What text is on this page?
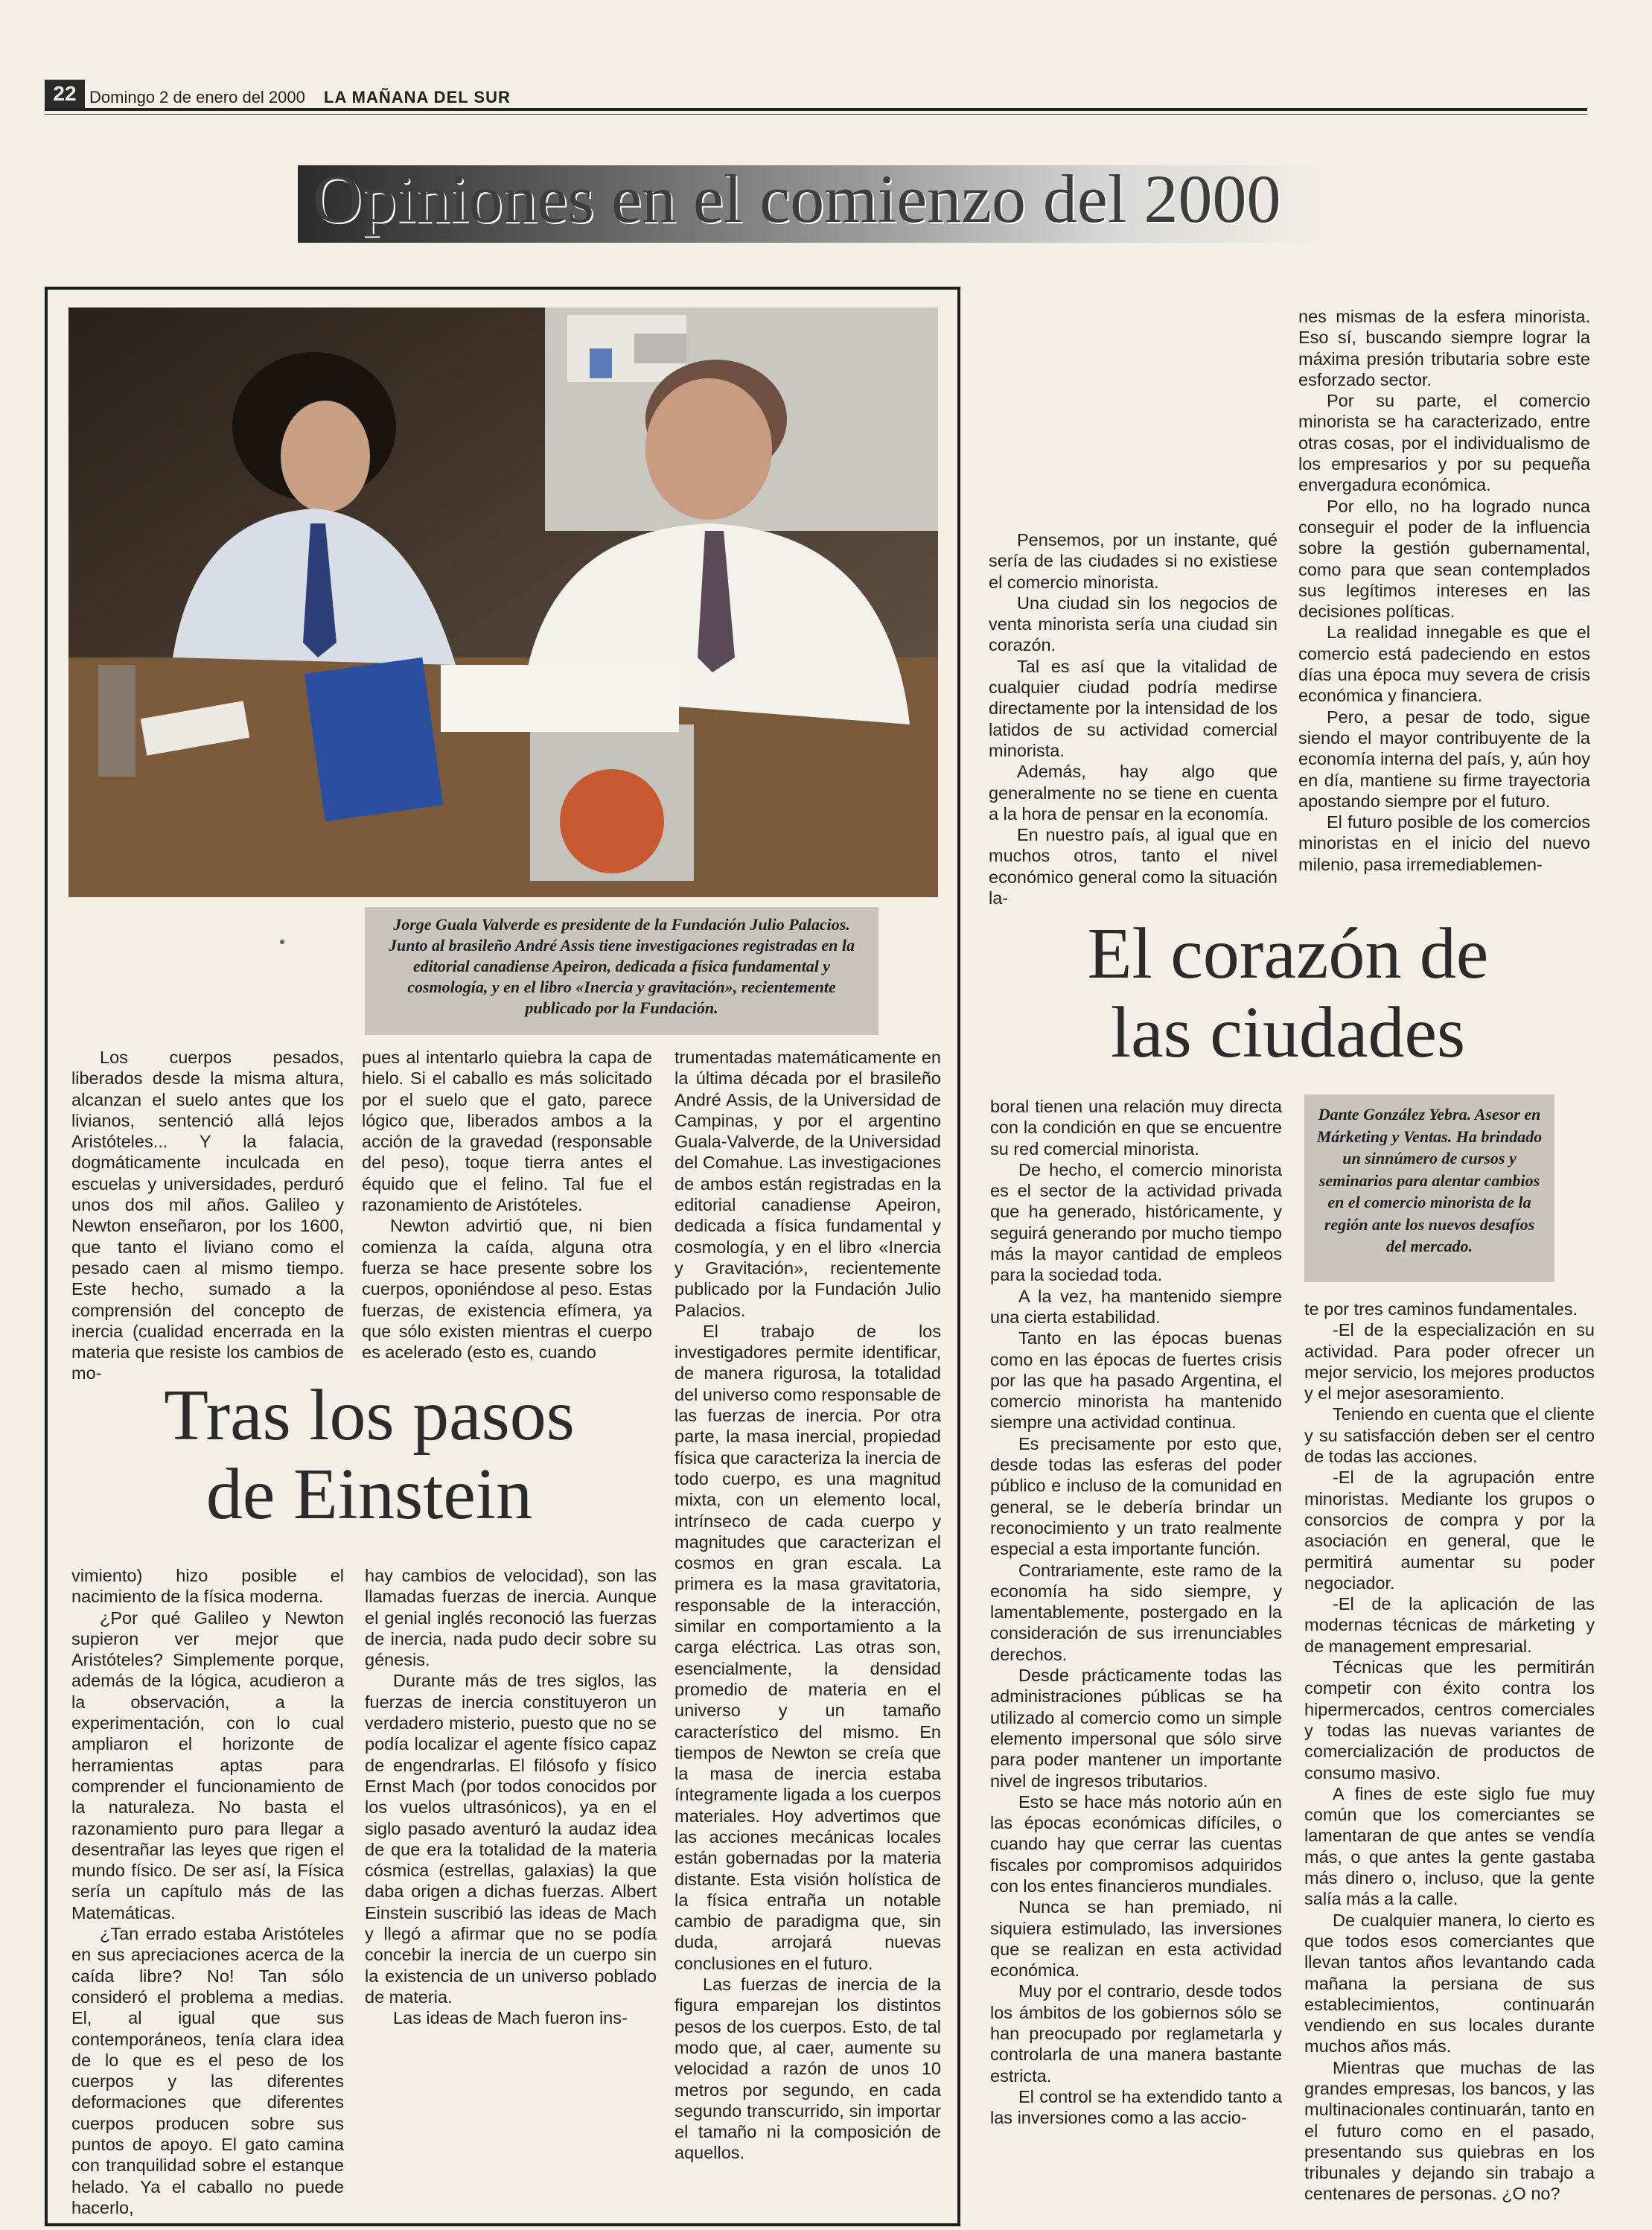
22 Domingo 2 de enero del 2000 LA MAÑANA DEL SUR
Opiniones en el comienzo del 2000
Jorge Guala Valverde es presidente de la Fundación Julio Palacios. Junto al brasileño André Assis tiene investigaciones registradas en la editorial canadiense Apeiron, dedicada a física fundamental y cosmología, y en el libro «Inercia y gravitación», recientemente publicado por la Fundación.

Los cuerpos pesados, liberados desde la misma altura, alcanzan el suelo antes que los livianos, sentenció allá lejos Aristóteles... Y la falacia, dogmáticamente inculcada en escuelas y universidades, perduró unos dos mil años. Galileo y Newton enseñaron, por los 1600, que tanto el liviano como el pesado caen al mismo tiempo. Este hecho, sumado a la comprensión del concepto de inercia (cualidad encerrada en la materia que resiste los cambios de mo-

pues al intentarlo quiebra la capa de hielo. Si el caballo es más solicitado por el suelo que el gato, parece lógico que, liberados ambos a la acción de la gravedad (responsable del peso), toque tierra antes el équido que el felino. Tal fue el razonamiento de Aristóteles.

Newton advirtió que, ni bien comienza la caída, alguna otra fuerza se hace presente sobre los cuerpos, oponiéndose al peso. Estas fuerzas, de existencia efímera, ya que sólo existen mientras el cuerpo es acelerado (esto es, cuando

Tras los pasos
de Einstein

vimiento) hizo posible el nacimiento de la física moderna.

¿Por qué Galileo y Newton supieron ver mejor que Aristóteles? Simplemente porque, además de la lógica, acudieron a la observación, a la experimentación, con lo cual ampliaron el horizonte de herramientas aptas para comprender el funcionamiento de la naturaleza. No basta el razonamiento puro para llegar a desentrañar las leyes que rigen el mundo físico. De ser así, la Física sería un capítulo más de las Matemáticas.

¿Tan errado estaba Aristóteles en sus apreciaciones acerca de la caída libre? No! Tan sólo consideró el problema a medias. El, al igual que sus contemporáneos, tenía clara idea de lo que es el peso de los cuerpos y las diferentes deformaciones que diferentes cuerpos producen sobre sus puntos de apoyo. El gato camina con tranquilidad sobre el estanque helado. Ya el caballo no puede hacerlo,

hay cambios de velocidad), son las llamadas fuerzas de inercia. Aunque el genial inglés reconoció las fuerzas de inercia, nada pudo decir sobre su génesis.

Durante más de tres siglos, las fuerzas de inercia constituyeron un verdadero misterio, puesto que no se podía localizar el agente físico capaz de engendrarlas. El filósofo y físico Ernst Mach (por todos conocidos por los vuelos ultrasónicos), ya en el siglo pasado aventuró la audaz idea de que era la totalidad de la materia cósmica (estrellas, galaxias) la que daba origen a dichas fuerzas. Albert Einstein suscribió las ideas de Mach y llegó a afirmar que no se podía concebir la inercia de un cuerpo sin la existencia de un universo poblado de materia.

Las ideas de Mach fueron ins-

trumentadas matemáticamente en la última década por el brasileño André Assis, de la Universidad de Campinas, y por el argentino Guala-Valverde, de la Universidad del Comahue. Las investigaciones de ambos están registradas en la editorial canadiense Apeiron, dedicada a física fundamental y cosmología, y en el libro «Inercia y Gravitación», recientemente publicado por la Fundación Julio Palacios.

El trabajo de los investigadores permite identificar, de manera rigurosa, la totalidad del universo como responsable de las fuerzas de inercia. Por otra parte, la masa inercial, propiedad física que caracteriza la inercia de todo cuerpo, es una magnitud mixta, con un elemento local, intrínseco de cada cuerpo y magnitudes que caracterizan el cosmos en gran escala. La primera es la masa gravitatoria, responsable de la interacción, similar en comportamiento a la carga eléctrica. Las otras son, esencialmente, la densidad promedio de materia en el universo y un tamaño característico del mismo. En tiempos de Newton se creía que la masa de inercia estaba íntegramente ligada a los cuerpos materiales. Hoy advertimos que las acciones mecánicas locales están gobernadas por la materia distante. Esta visión holística de la física entraña un notable cambio de paradigma que, sin duda, arrojará nuevas conclusiones en el futuro.

Las fuerzas de inercia de la figura emparejan los distintos pesos de los cuerpos. Esto, de tal modo que, al caer, aumente su velocidad a razón de unos 10 metros por segundo, en cada segundo transcurrido, sin importar el tamaño ni la composición de aquellos.

Pensemos, por un instante, qué sería de las ciudades si no existiese el comercio minorista.

Una ciudad sin los negocios de venta minorista sería una ciudad sin corazón.

Tal es así que la vitalidad de cualquier ciudad podría medirse directamente por la intensidad de los latidos de su actividad comercial minorista.

Además, hay algo que generalmente no se tiene en cuenta a la hora de pensar en la economía.

En nuestro país, al igual que en muchos otros, tanto el nivel económico general como la situación la-

nes mismas de la esfera minorista. Eso sí, buscando siempre lograr la máxima presión tributaria sobre este esforzado sector.

Por su parte, el comercio minorista se ha caracterizado, entre otras cosas, por el individualismo de los empresarios y por su pequeña envergadura económica.

Por ello, no ha logrado nunca conseguir el poder de la influencia sobre la gestión gubernamental, como para que sean contemplados sus legítimos intereses en las decisiones políticas.

La realidad innegable es que el comercio está padeciendo en estos días una época muy severa de crisis económica y financiera.

Pero, a pesar de todo, sigue siendo el mayor contribuyente de la economía interna del país, y, aún hoy en día, mantiene su firme trayectoria apostando siempre por el futuro.

El futuro posible de los comercios minoristas en el inicio del nuevo milenio, pasa irremediablemen-

El corazón de
las ciudades

boral tienen una relación muy directa con la condición en que se encuentre su red comercial minorista.

De hecho, el comercio minorista es el sector de la actividad privada que ha generado, históricamente, y seguirá generando por mucho tiempo más la mayor cantidad de empleos para la sociedad toda.

A la vez, ha mantenido siempre una cierta estabilidad.

Tanto en las épocas buenas como en las épocas de fuertes crisis por las que ha pasado Argentina, el comercio minorista ha mantenido siempre una actividad continua.

Es precisamente por esto que, desde todas las esferas del poder público e incluso de la comunidad en general, se le debería brindar un reconocimiento y un trato realmente especial a esta importante función.

Contrariamente, este ramo de la economía ha sido siempre, y lamentablemente, postergado en la consideración de sus irrenunciables derechos.

Desde prácticamente todas las administraciones públicas se ha utilizado al comercio como un simple elemento impersonal que sólo sirve para poder mantener un importante nivel de ingresos tributarios.

Esto se hace más notorio aún en las épocas económicas difíciles, o cuando hay que cerrar las cuentas fiscales por compromisos adquiridos con los entes financieros mundiales.

Nunca se han premiado, ni siquiera estimulado, las inversiones que se realizan en esta actividad económica.

Muy por el contrario, desde todos los ámbitos de los gobiernos sólo se han preocupado por reglametarla y controlarla de una manera bastante estricta.

El control se ha extendido tanto a las inversiones como a las accio-

Dante González Yebra. Asesor en Márketing y Ventas. Ha brindado un sinnúmero de cursos y seminarios para alentar cambios en el comercio minorista de la región ante los nuevos desafíos del mercado.

te por tres caminos fundamentales.

-El de la especialización en su actividad. Para poder ofrecer un mejor servicio, los mejores productos y el mejor asesoramiento.

Teniendo en cuenta que el cliente y su satisfacción deben ser el centro de todas las acciones.

-El de la agrupación entre minoristas. Mediante los grupos o consorcios de compra y por la asociación en general, que le permitirá aumentar su poder negociador.

-El de la aplicación de las modernas técnicas de márketing y de management empresarial.

Técnicas que les permitirán competir con éxito contra los hipermercados, centros comerciales y todas las nuevas variantes de comercialización de productos de consumo masivo.

A fines de este siglo fue muy común que los comerciantes se lamentaran de que antes se vendía más, o que antes la gente gastaba más dinero o, incluso, que la gente salía más a la calle.

De cualquier manera, lo cierto es que todos esos comerciantes que llevan tantos años levantando cada mañana la persiana de sus establecimientos, continuarán vendiendo en sus locales durante muchos años más.

Mientras que muchas de las grandes empresas, los bancos, y las multinacionales continuarán, tanto en el futuro como en el pasado, presentando sus quiebras en los tribunales y dejando sin trabajo a centenares de personas. ¿O no?
